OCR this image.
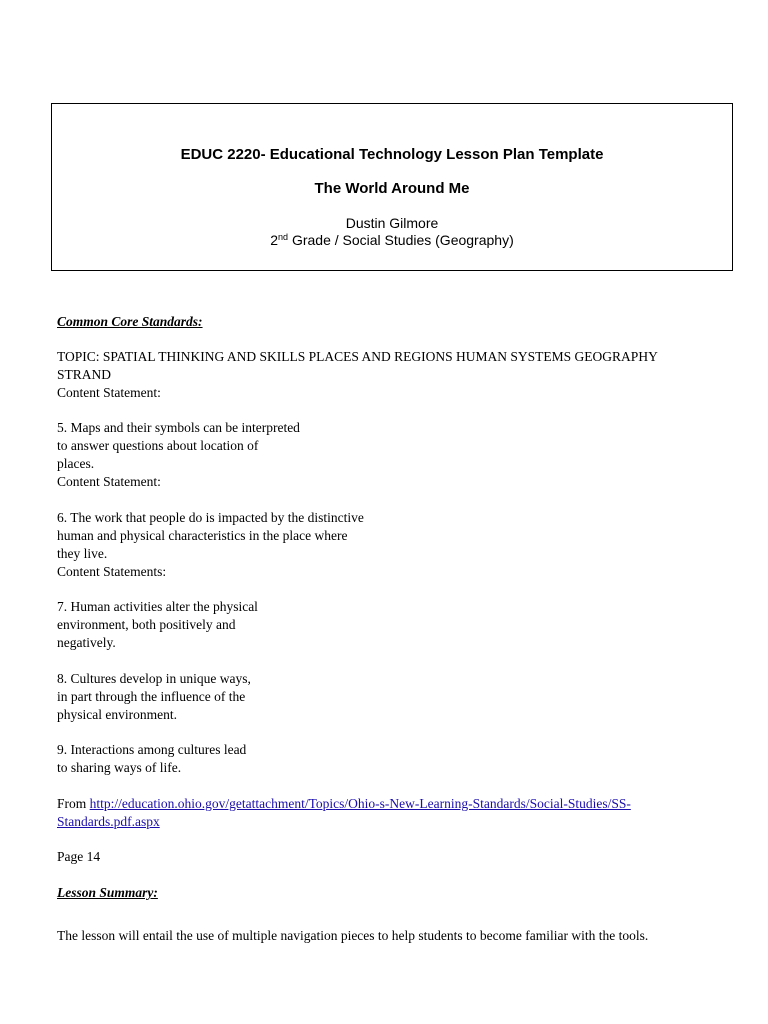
EDUC 2220- Educational Technology Lesson Plan Template
The World Around Me
Dustin Gilmore
2nd Grade / Social Studies (Geography)
Common Core Standards:
TOPIC: SPATIAL THINKING AND SKILLS PLACES AND REGIONS HUMAN SYSTEMS GEOGRAPHY
STRAND
Content Statement:
5. Maps and their symbols can be interpreted
to answer questions about location of
places.
Content Statement:
6. The work that people do is impacted by the distinctive
human and physical characteristics in the place where
they live.
Content Statements:
7. Human activities alter the physical
environment, both positively and
negatively.
8. Cultures develop in unique ways,
in part through the influence of the
physical environment.
9. Interactions among cultures lead
to sharing ways of life.
From http://education.ohio.gov/getattachment/Topics/Ohio-s-New-Learning-Standards/Social-Studies/SS-
Standards.pdf.aspx
Page 14
Lesson Summary:
The lesson will entail the use of multiple navigation pieces to help students to become familiar with the tools.
